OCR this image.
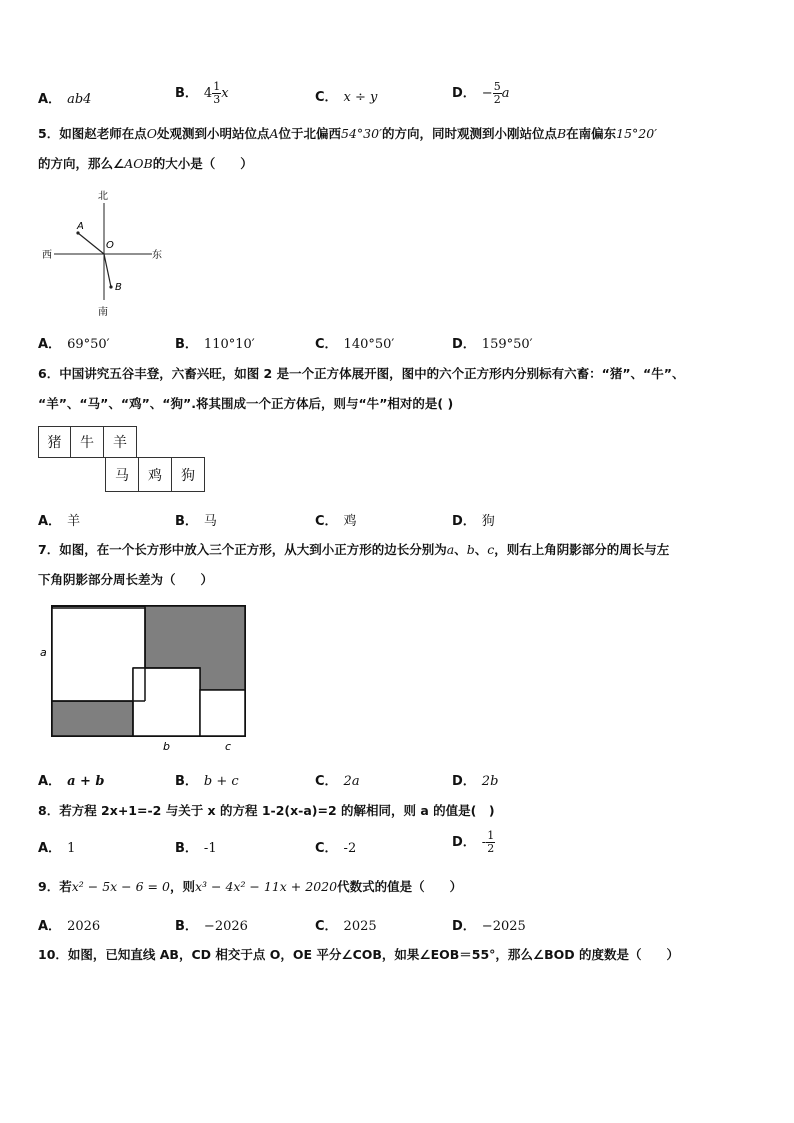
A． ab4	B． $4 \frac{1}{3}$ x	C． x ÷ y	D． − $\frac{5}{2}$ a
5．如图赵老师在点O处观测到小明站位点A位于北偏西54°30′的方向，同时观测到小刚站位点B在南偏东15°20′
的方向，那么∠AOB的大小是（　　）
北
南
西	东
A
B
O
A． 69°50′	B． 110°10′	C． 140°50′	D． 159°50′
6．中国讲究五谷丰登，六畜兴旺，如图 2 是一个正方体展开图，图中的六个正方形内分别标有六畜：“猪”、“牛”、
“羊”、“马”、“鸡”、“狗”.将其围成一个正方体后，则与“牛”相对的是( )
猪	牛	羊
马	鸡	狗
A． 羊	B． 马	C． 鸡	D． 狗
7．如图，在一个长方形中放入三个正方形，从大到小正方形的边长分别为a、b、c，则右上角阴影部分的周长与左
下角阴影部分周长差为（　　）
a
b	c
A． a + b	B． b + c	C． 2a	D． 2b
8．若方程 2x+1=-2 与关于 x 的方程 1-2(x-a)=2 的解相同，则 a 的值是(　)
A． 1	B． -1	C． -2	D． - $\frac{1}{2}$
9．若x² − 5x − 6 = 0，则x³ − 4x² − 11x + 2020代数式的值是（　　）
A． 2026	B． −2026	C． 2025	D． −2025
10．如图，已知直线 AB，CD 相交于点 O，OE 平分∠COB，如果∠EOB＝55°，那么∠BOD 的度数是（　　）
